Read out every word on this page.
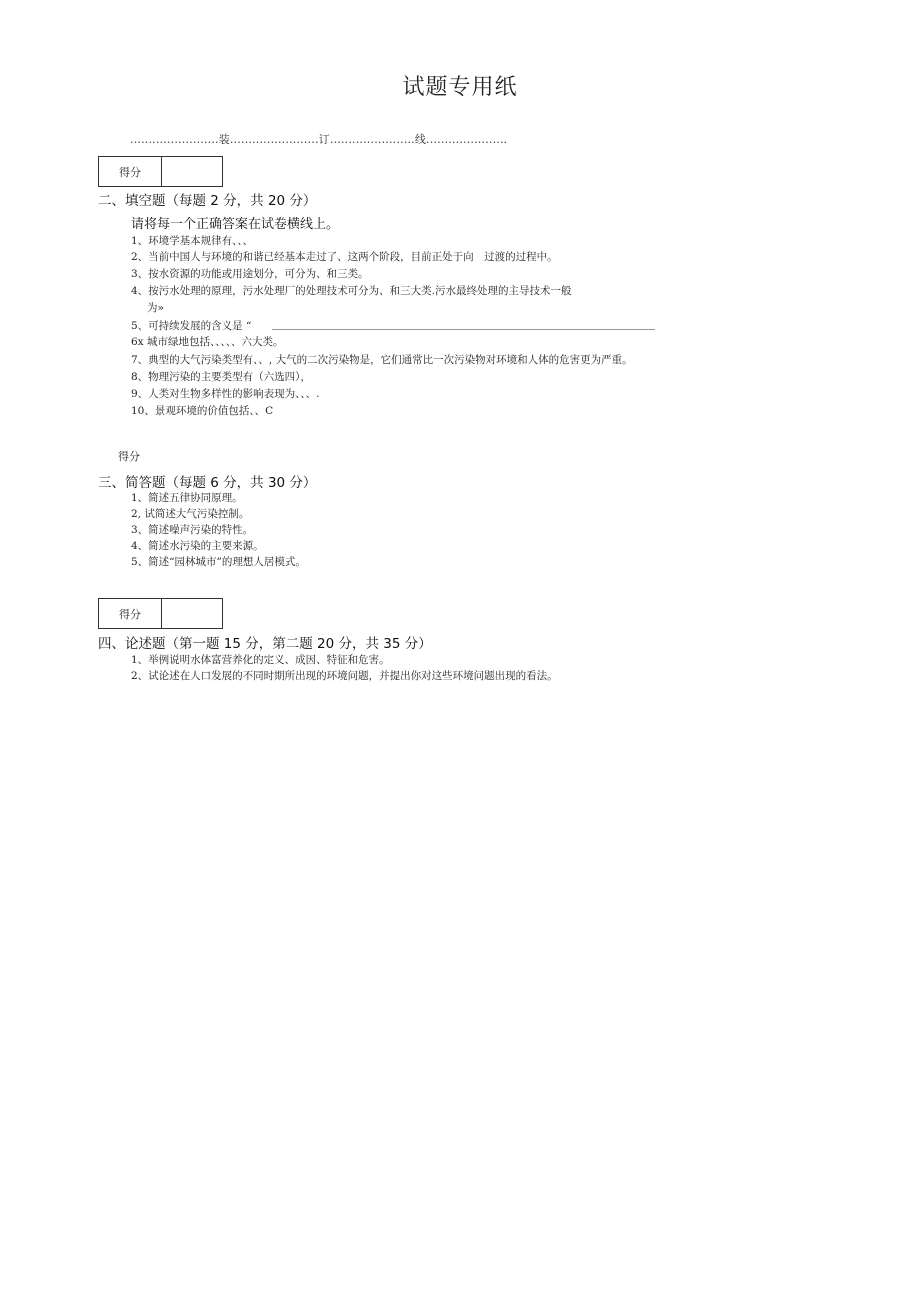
试题专用纸
........................装........................订.......................线......................
得分
二、填空题（每题 2 分，共 20 分）
请将每一个正确答案在试卷横线上。
1、环境学基本规律有、、、
2、当前中国人与环境的和谐已经基本走过了、这两个阶段，目前正处于向　过渡的过程中。
3、按水资源的功能或用途划分，可分为、和三类。
4、按污水处理的原理，污水处理厂的处理技术可分为、和三大类.污水最终处理的主导技术一般
为»
5、可持续发展的含义是 “
6x 城市绿地包括、、、、、六大类。
7、典型的大气污染类型有、、, 大气的二次污染物是，它们通常比一次污染物对环境和人体的危害更为严重。
8、物理污染的主要类型有（六选四），
9、人类对生物多样性的影响表现为、、、.
10、景观环境的价值包括、、C
得分
三、简答题（每题 6 分，共 30 分）
1、简述五律协同原理。
2, 试简述大气污染控制。
3、简述噪声污染的特性。
4、简述水污染的主要来源。
5、简述“园林城市”的理想人居模式。
得分
四、论述题（第一题 15 分，第二题 20 分，共 35 分）
1、举例说明水体富营养化的定义、成因、特征和危害。
2、试论述在人口发展的不同时期所出现的环境问题，并提出你对这些环境问题出现的看法。
